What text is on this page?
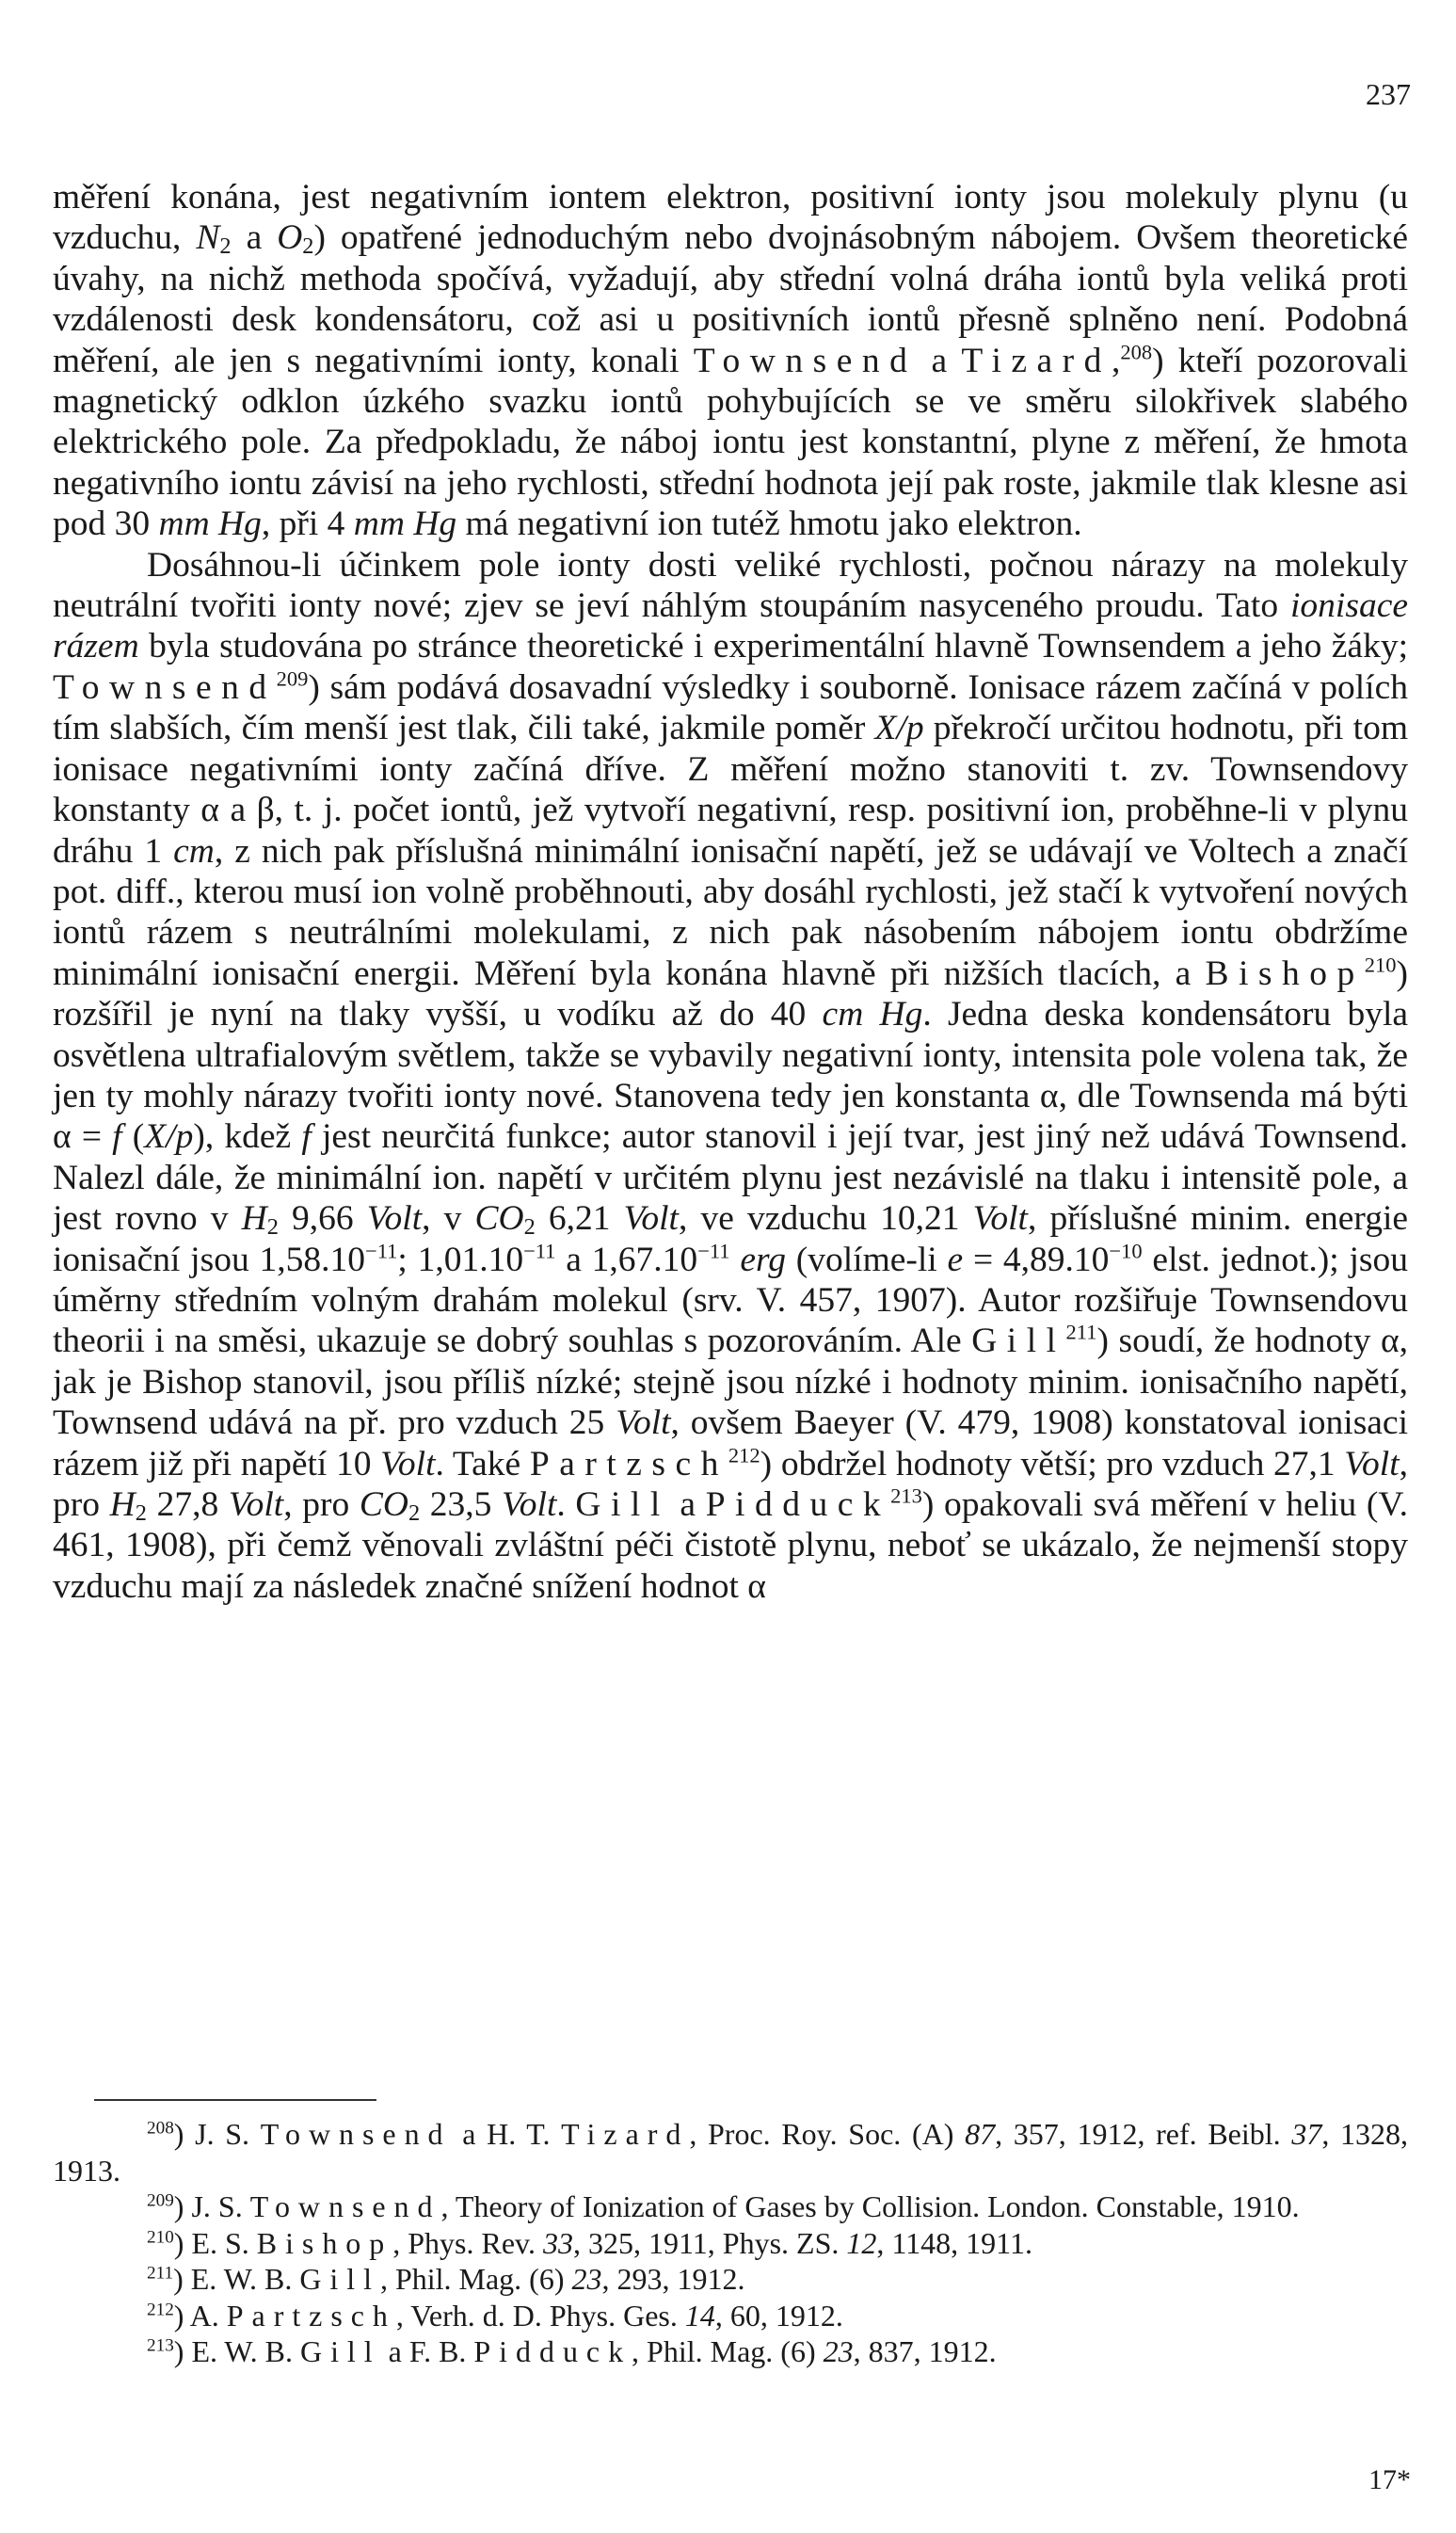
237

měření konána, jest negativním iontem elektron, positivní ionty jsou molekuly plynu (u vzduchu, $N_2$ a $O_2$) opatřené jednoduchým nebo dvojnásobným nábojem. Ovšem theoretické úvahy, na nichž methoda spočívá, vyžadují, aby střední volná dráha iontů byla veliká proti vzdálenosti desk kondensátoru, což asi u positivních iontů přesně splněno není. Podobná měření, ale jen s negativními ionty, konali Townsend a Tizard,$^{208}$) kteří pozorovali magnetický odklon úzkého svazku iontů pohybujících se ve směru silokřivek slabého elektrického pole. Za předpokladu, že náboj iontu jest konstantní, plyne z měření, že hmota negativního iontu závisí na jeho rychlosti, střední hodnota její pak roste, jakmile tlak klesne asi pod 30 mm Hg, při 4 mm Hg má negativní ion tutéž hmotu jako elektron.

Dosáhnou-li účinkem pole ionty dosti veliké rychlosti, počnou nárazy na molekuly neutrální tvořiti ionty nové; zjev se jeví náhlým stoupáním nasyceného proudu. Tato ionisace rázem byla studována po stránce theoretické i experimentální hlavně Townsendem a jeho žáky; Townsend$^{209}$) sám podává dosavadní výsledky i souborně. Ionisace rázem začíná v polích tím slabších, čím menší jest tlak, čili také, jakmile poměr X/p překročí určitou hodnotu, při tom ionisace negativními ionty začíná dříve. Z měření možno stanoviti t. zv. Townsendovy konstanty α a β, t. j. počet iontů, jež vytvoří negativní, resp. positivní ion, proběhne-li v plynu dráhu 1 cm, z nich pak příslušná minimální ionisační napětí, jež se udávají ve Voltech a značí pot. diff., kterou musí ion volně proběhnouti, aby dosáhl rychlosti, jež stačí k vytvoření nových iontů rázem s neutrálními molekulami, z nich pak násobením nábojem iontu obdržíme minimální ionisační energii. Měření byla konána hlavně při nižších tlacích, a Bishop$^{210}$) rozšířil je nyní na tlaky vyšší, u vodíku až do 40 cm Hg. Jedna deska kondensátoru byla osvětlena ultrafialovým světlem, takže se vybavily negativní ionty, intensita pole volena tak, že jen ty mohly nárazy tvořiti ionty nové. Stanovena tedy jen konstanta α, dle Townsenda má býti α = f (X/p), kdež f jest neurčitá funkce; autor stanovil i její tvar, jest jiný než udává Townsend. Nalezl dále, že minimální ion. napětí v určitém plynu jest nezávislé na tlaku i intensitě pole, a jest rovno v $H_2$ 9,66 Volt, v $CO_2$ 6,21 Volt, ve vzduchu 10,21 Volt, příslušné minim. energie ionisační jsou $1,58.10^{-11}$; $1,01.10^{-11}$ a $1,67.10^{-11}$ erg (volíme-li $e = 4,89.10^{-10}$ elst. jednot.); jsou úměrny středním volným drahám molekul (srv. V. 457, 1907). Autor rozšiřuje Townsendovu theorii i na směsi, ukazuje se dobrý souhlas s pozorováním. Ale Gill$^{211}$) soudí, že hodnoty α, jak je Bishop stanovil, jsou příliš nízké; stejně jsou nízké i hodnoty minim. ionisačního napětí, Townsend udává na př. pro vzduch 25 Volt, ovšem Baeyer (V. 479, 1908) konstatoval ionisaci rázem již při napětí 10 Volt. Také Partzsch$^{212}$) obdržel hodnoty větší; pro vzduch 27,1 Volt, pro $H_2$ 27,8 Volt, pro $CO_2$ 23,5 Volt. Gill a Pidduck$^{213}$) opakovali svá měření v heliu (V. 461, 1908), při čemž věnovali zvláštní péči čistotě plynu, neboť se ukázalo, že nejmenší stopy vzduchu mají za následek značné snížení hodnot α

$^{208}$) J. S. Townsend a H. T. Tizard, Proc. Roy. Soc. (A) 87, 357, 1912, ref. Beibl. 37, 1328, 1913.

$^{209}$) J. S. Townsend, Theory of Ionization of Gases by Collision. London. Constable, 1910.

$^{210}$) E. S. Bishop, Phys. Rev. 33, 325, 1911, Phys. ZS. 12, 1148, 1911.

$^{211}$) E. W. B. Gill, Phil. Mag. (6) 23, 293, 1912.

$^{212}$) A. Partzsch, Verh. d. D. Phys. Ges. 14, 60, 1912.

$^{213}$) E. W. B. Gill a F. B. Pidduck, Phil. Mag. (6) 23, 837, 1912.

17*
